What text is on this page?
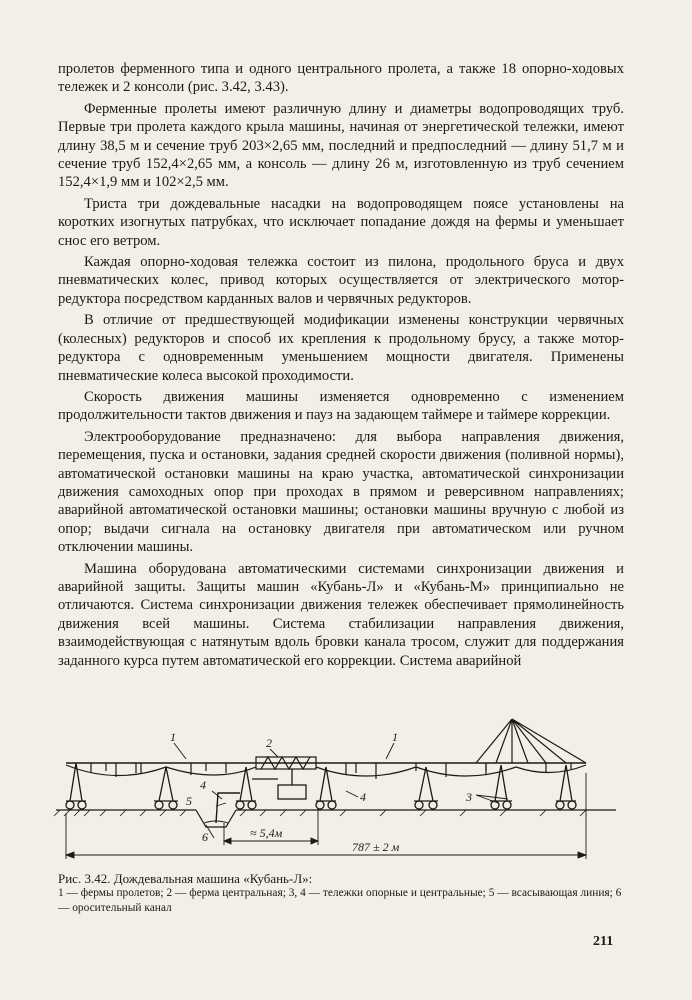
пролетов ферменного типа и одного центрального пролета, а также 18 опорно-ходовых тележек и 2 консоли (рис. 3.42, 3.43).

Ферменные пролеты имеют различную длину и диаметры водопроводящих труб. Первые три пролета каждого крыла машины, начиная от энергетической тележки, имеют длину 38,5 м и сечение труб 203×2,65 мм, последний и предпоследний — длину 51,7 м и сечение труб 152,4×2,65 мм, а консоль — длину 26 м, изготовленную из труб сечением 152,4×1,9 мм и 102×2,5 мм.

Триста три дождевальные насадки на водопроводящем поясе установлены на коротких изогнутых патрубках, что исключает попадание дождя на фермы и уменьшает снос его ветром.

Каждая опорно-ходовая тележка состоит из пилона, продольного бруса и двух пневматических колес, привод которых осуществляется от электрического мотор-редуктора посредством карданных валов и червячных редукторов.

В отличие от предшествующей модификации изменены конструкции червячных (колесных) редукторов и способ их крепления к продольному брусу, а также мотор-редуктора с одновременным уменьшением мощности двигателя. Применены пневматические колеса высокой проходимости.

Скорость движения машины изменяется одновременно с изменением продолжительности тактов движения и пауз на задающем таймере и таймере коррекции.

Электрооборудование предназначено: для выбора направления движения, перемещения, пуска и остановки, задания средней скорости движения (поливной нормы), автоматической остановки машины на краю участка, автоматической синхронизации движения самоходных опор при проходах в прямом и реверсивном направлениях; аварийной автоматической остановки машины; остановки машины вручную с любой из опор; выдачи сигнала на остановку двигателя при автоматическом или ручном отключении машины.

Машина оборудована автоматическими системами синхронизации движения и аварийной защиты. Защиты машин «Кубань-Л» и «Кубань-М» принципиально не отличаются. Система синхронизации движения тележек обеспечивает прямолинейность движения всей машины. Система стабилизации направления движения, взаимодействующая с натянутым вдоль бровки канала тросом, служит для поддержания заданного курса путем автоматической его коррекции. Система аварийной

1	2	1
4
5	4	3
6	≈ 5,4м
787 ± 2 м
Рис. 3.42. Дождевальная машина «Кубань-Л»:
1 — фермы пролетов; 2 — ферма центральная; 3, 4 — тележки опорные и центральные; 5 — всасывающая линия; 6 — оросительный канал
211
